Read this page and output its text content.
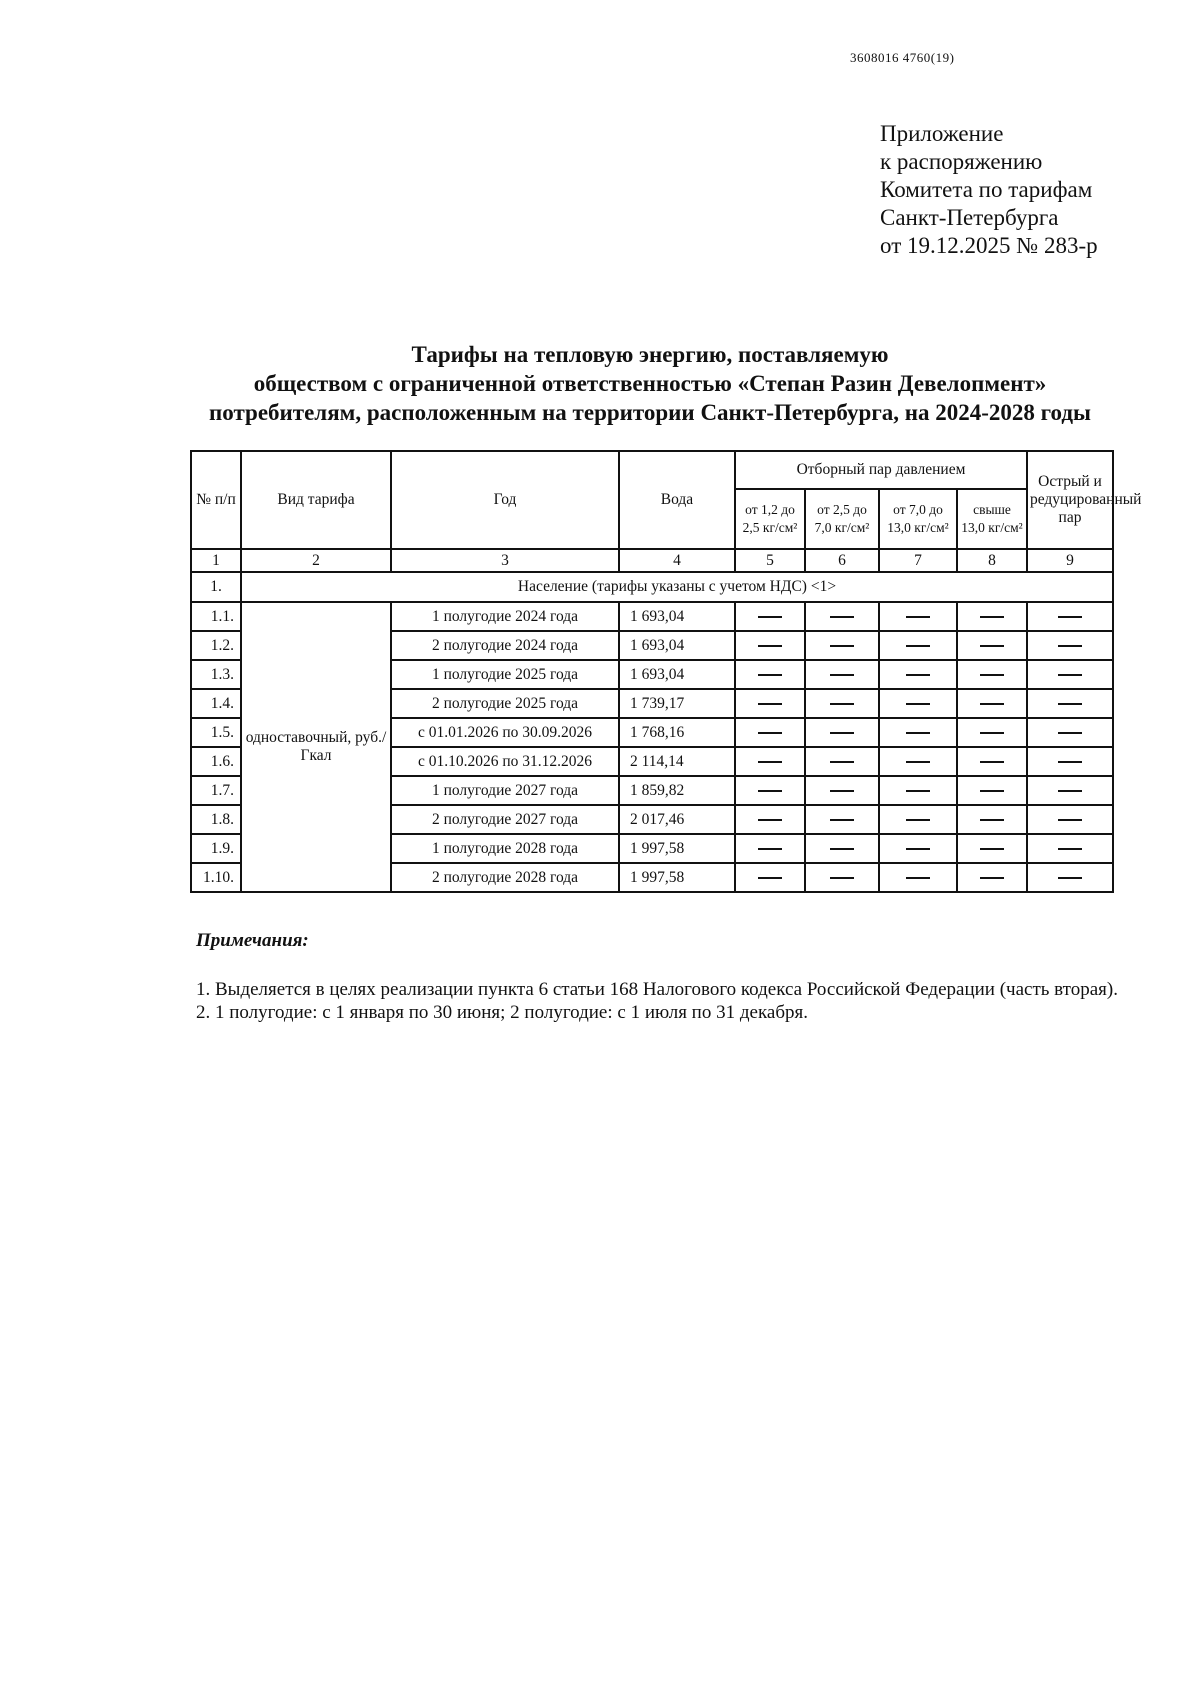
3608016 4760(19)
Приложение
к распоряжению
Комитета по тарифам
Санкт-Петербурга
от 19.12.2025 № 283-р
Тарифы на тепловую энергию, поставляемую
обществом с ограниченной ответственностью «Степан Разин Девелопмент»
потребителям, расположенным на территории Санкт-Петербурга, на 2024-2028 годы
№ п/п	Вид тарифа	Год	Вода	Отборный пар давлением				Острый и редуцированный пар
				от 1,2 до 2,5 кг/см²	от 2,5 до 7,0 кг/см²	от 7,0 до 13,0 кг/см²	свыше 13,0 кг/см²	
1	2	3	4	5	6	7	8	9
1.	Население (тарифы указаны с учетом НДС) <1>							
1.1.	одноставочный, руб./Гкал	1 полугодие 2024 года	1 693,04					
1.2.		2 полугодие 2024 года	1 693,04					
1.3.		1 полугодие 2025 года	1 693,04					
1.4.		2 полугодие 2025 года	1 739,17					
1.5.		с 01.01.2026 по 30.09.2026	1 768,16					
1.6.		с 01.10.2026 по 31.12.2026	2 114,14					
1.7.		1 полугодие 2027 года	1 859,82					
1.8.		2 полугодие 2027 года	2 017,46					
1.9.		1 полугодие 2028 года	1 997,58					
1.10.		2 полугодие 2028 года	1 997,58					
Примечания:

1. Выделяется в целях реализации пункта 6 статьи 168 Налогового кодекса Российской Федерации (часть вторая).

2. 1 полугодие: с 1 января по 30 июня; 2 полугодие: с 1 июля по 31 декабря.
